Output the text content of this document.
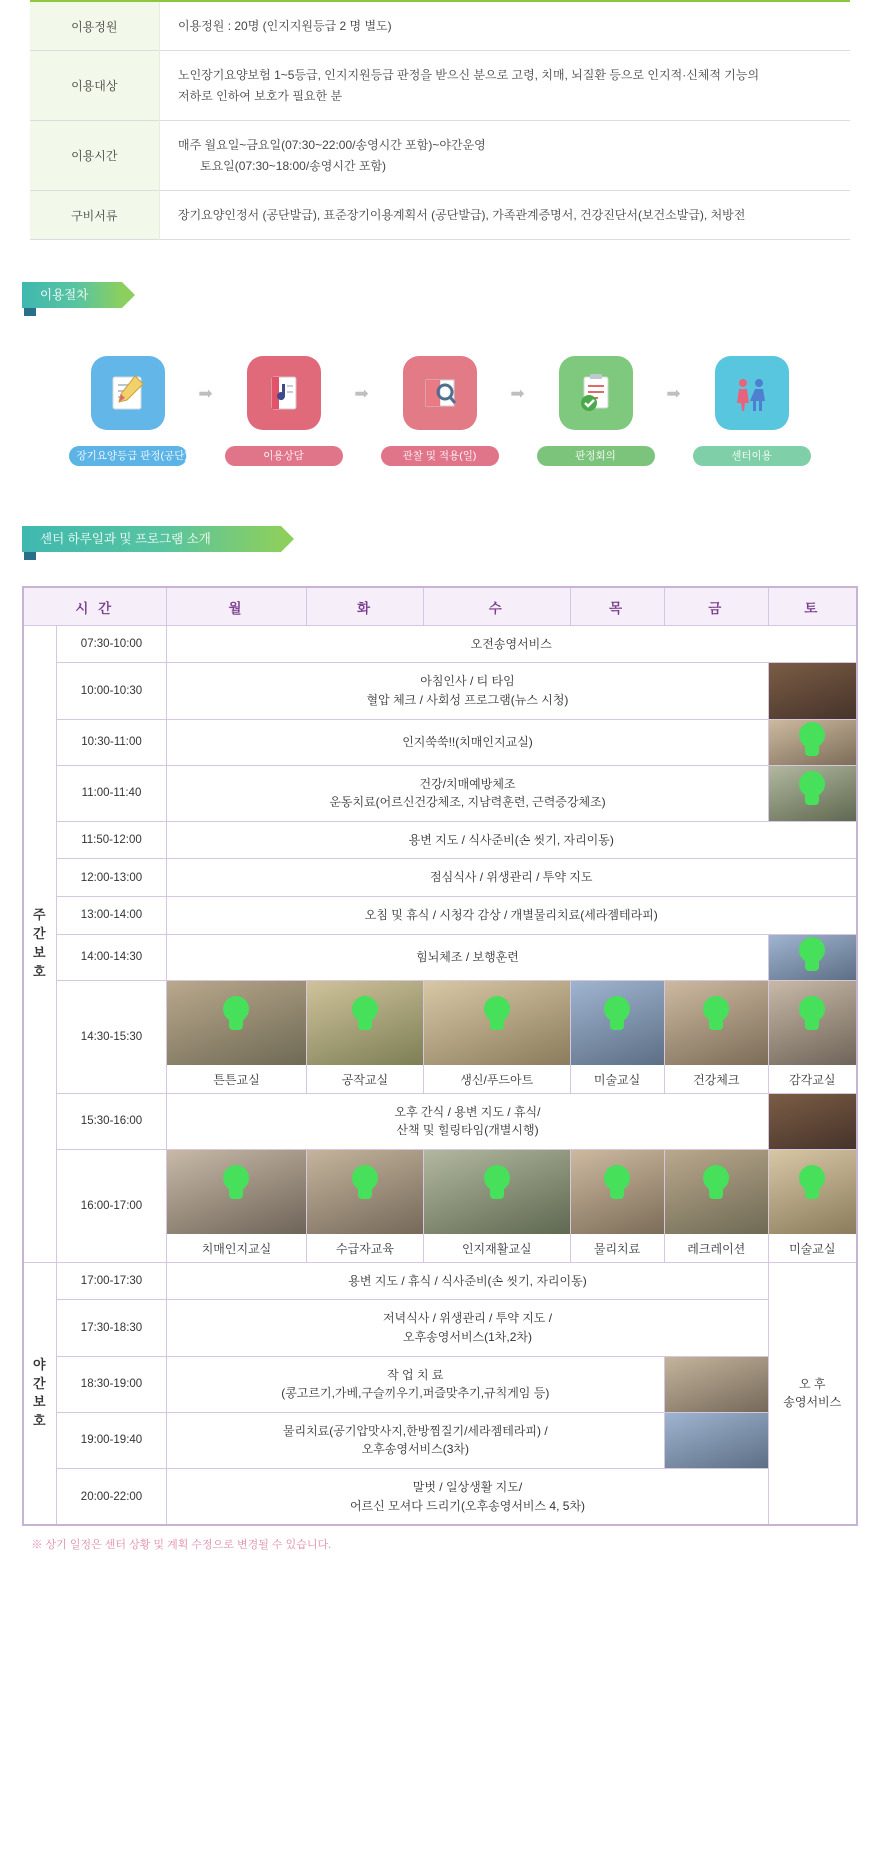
이용정원	이용정원 : 20명 (인지지원등급 2 명 별도)

이용대상	노인장기요양보험 1~5등급, 인지지원등급 판정을 받으신 분으로 고령, 치매, 뇌질환 등으로 인지적·신체적 기능의
저하로 인하여 보호가 필요한 분

이용시간	매주 월요일~금요일(07:30~22:00/송영시간 포함)~야간운영
토요일(07:30~18:00/송영시간 포함)

구비서류	장기요양인정서 (공단발급), 표준장기이용계획서 (공단발급), 가족관계증명서, 건강진단서(보건소발급), 처방전
이용절차
장기요양등급 판정(공단)
➡
이용상담
➡
관찰 및 적용(일)
➡
판정회의
➡
센터이용
센터 하루일과 및 프로그램 소개
시 간		월	화	수	목	금	토
주 간 보 호	07:30-10:00	오전송영서비스					

	10:00-10:30	아침인사 / 티 타임
혈압 체크 / 사회성 프로그램(뉴스 시청)					

	10:30-11:00	인지쑥쑥!!(치매인지교실)					

	11:00-11:40	건강/치매예방체조
운동치료(어르신건강체조, 지남력훈련, 근력증강체조)					

	11:50-12:00	용변 지도 / 식사준비(손 씻기, 자리이동)					

	12:00-13:00	점심식사 / 위생관리 / 투약 지도					

	13:00-14:00	오침 및 휴식 / 시청각 감상 / 개별물리치료(세라젬테라피)					

	14:00-14:30	힘뇌체조 / 보행훈련					

	14:30-15:30	튼튼교실	공작교실	생신/푸드아트	미술교실	건강체크	감각교실

	15:30-16:00	오후 간식 / 용변 지도 / 휴식/
산책 및 힐링타임(개별시행)					

	16:00-17:00	치매인지교실	수급자교육	인지재활교실	물리치료	레크레이션	미술교실

야 간 보 호	17:00-17:30	용변 지도 / 휴식 / 식사준비(손 씻기, 자리이동)					오 후
송영서비스

	17:30-18:30	저녁식사 / 위생관리 / 투약 지도 /
오후송영서비스(1차,2차)					

	18:30-19:00	작 업 치 료
(콩고르기,가베,구슬끼우기,퍼즐맞추기,규칙게임 등)					

	19:00-19:40	물리치료(공기압맛사지,한방찜질기/세라젬테라피) /
오후송영서비스(3차)					

	20:00-22:00	말벗 / 일상생활 지도/
어르신 모셔다 드리기(오후송영서비스 4, 5차)					
※ 상기 일정은 센터 상황 및 계획 수정으로 변경될 수 있습니다.
